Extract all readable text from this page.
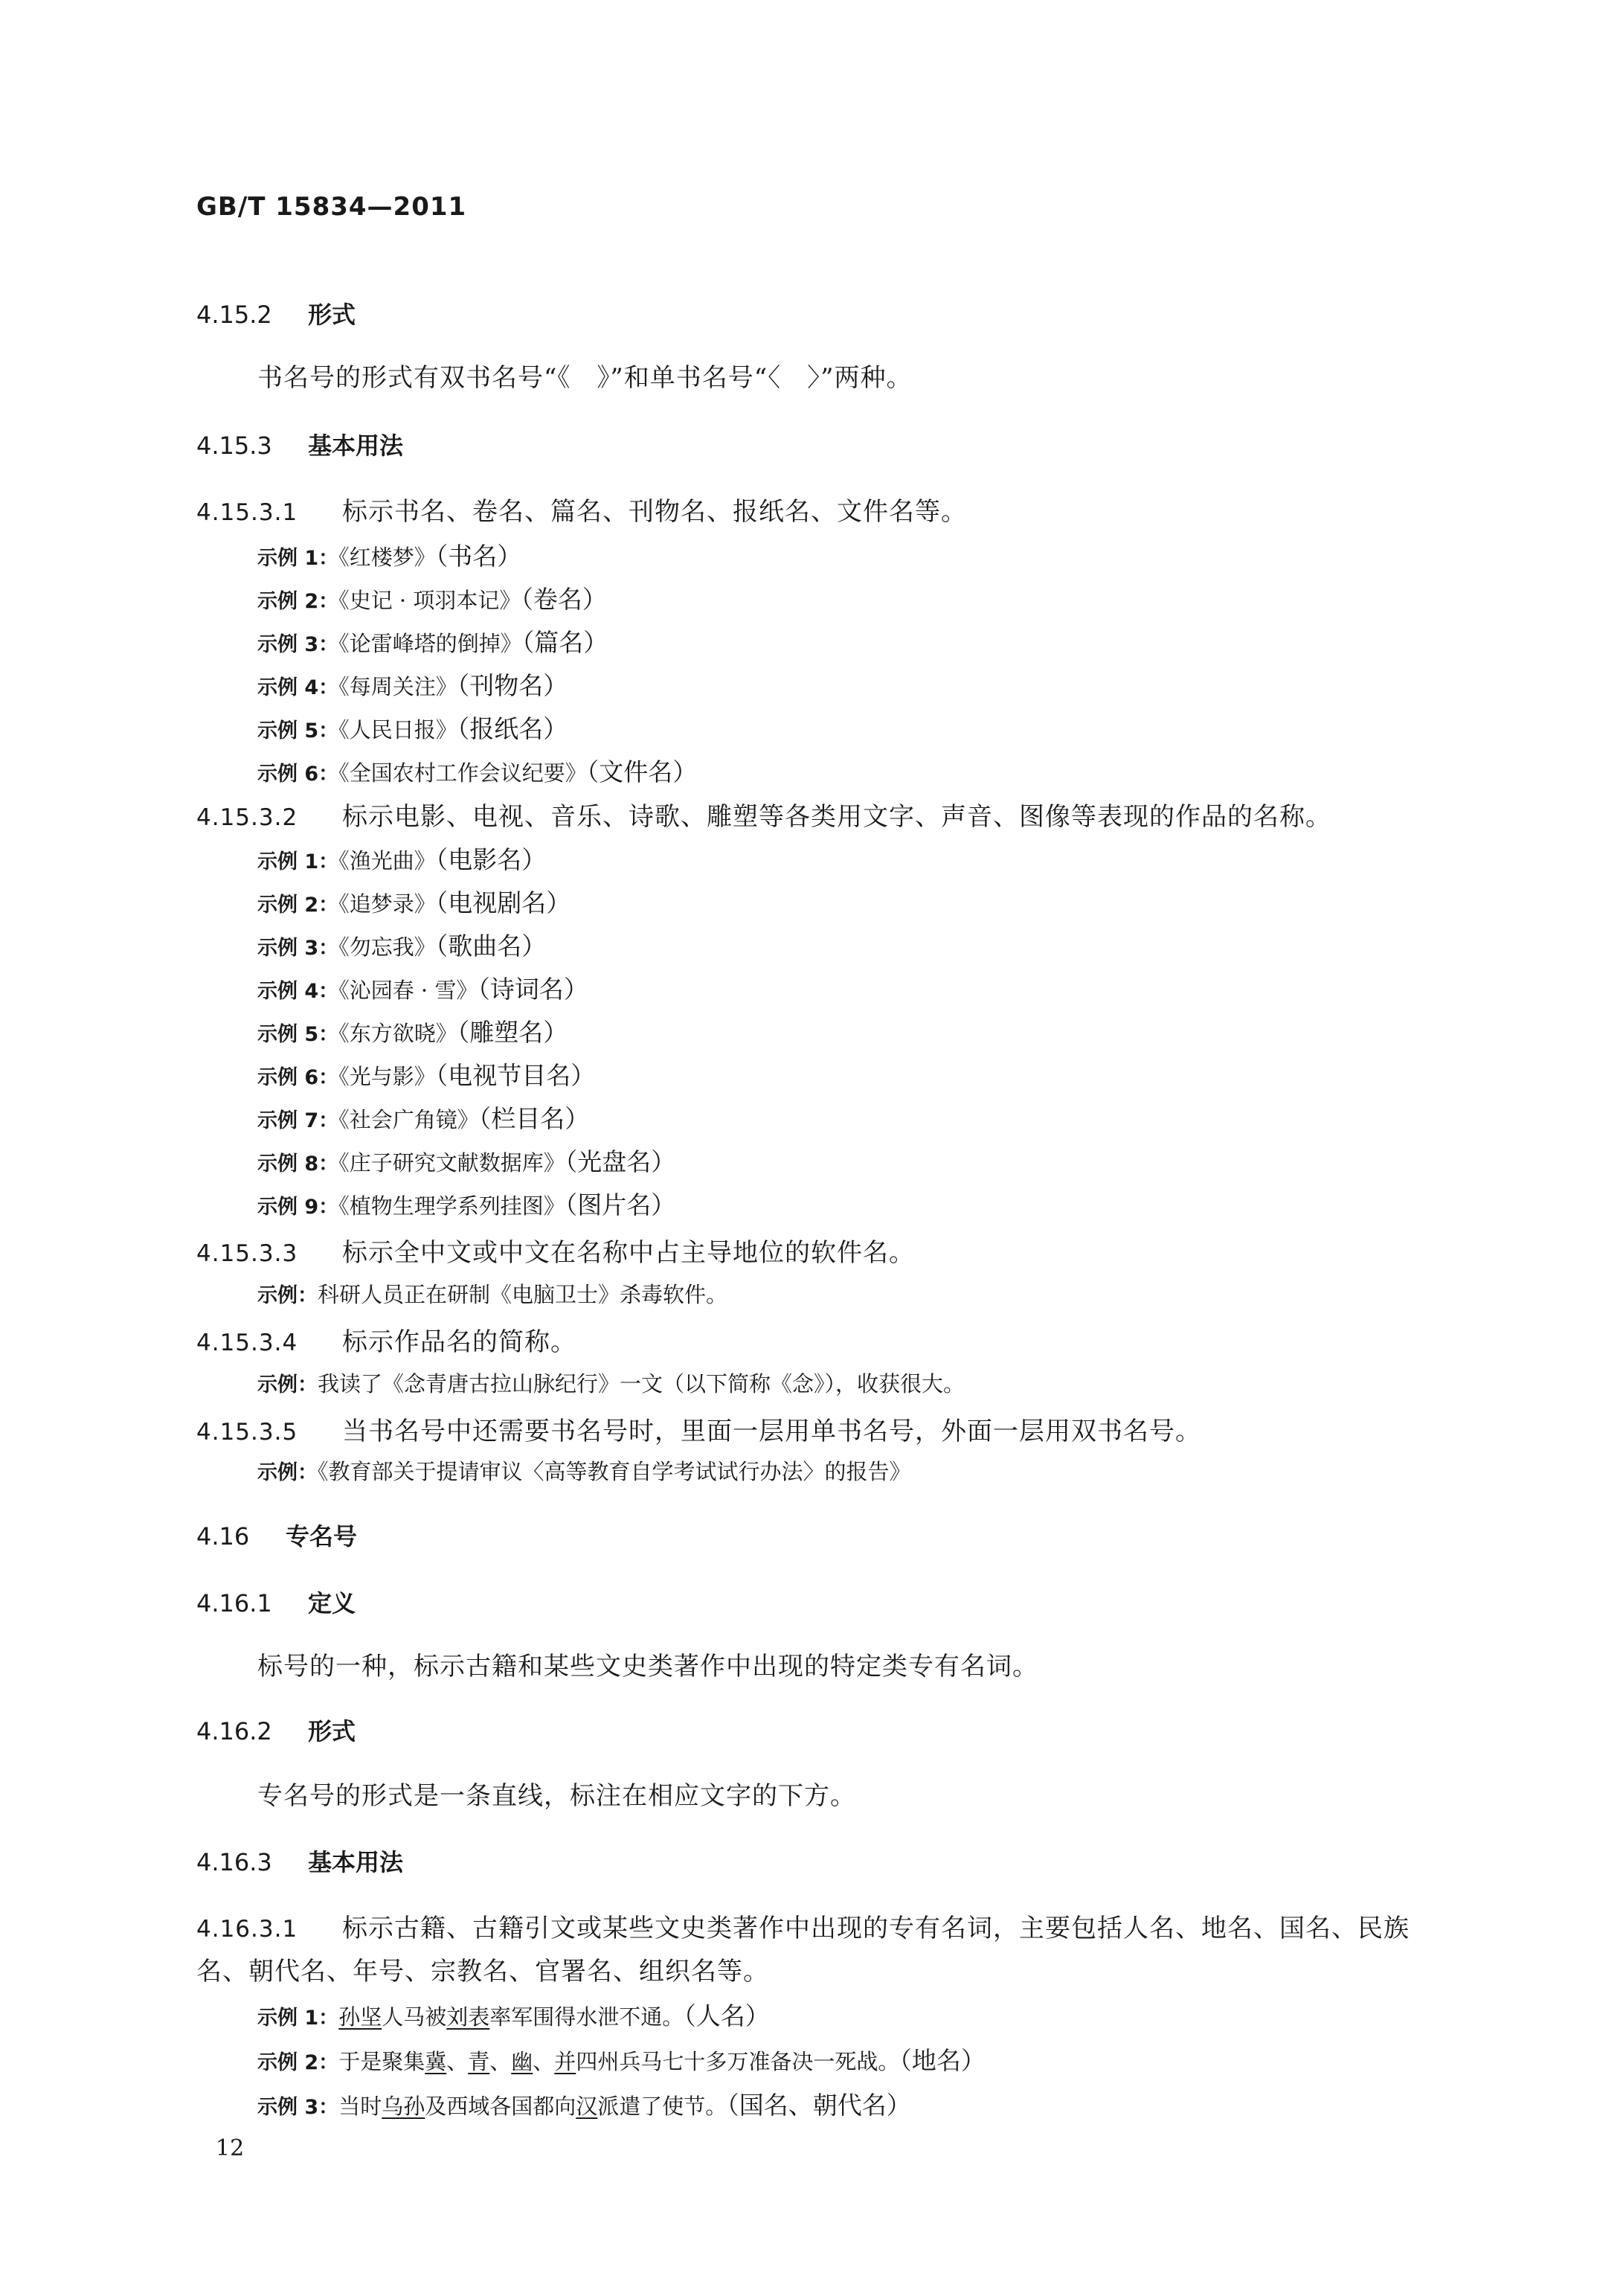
GB/T 15834—2011
4.15.2 形式
书名号的形式有双书名号“《　》”和单书名号“〈　〉”两种。
4.15.3 基本用法
4.15.3.1 标示书名、卷名、篇名、刊物名、报纸名、文件名等。
示例 1：《红楼梦》（书名）
示例 2：《史记 · 项羽本记》（卷名）
示例 3：《论雷峰塔的倒掉》（篇名）
示例 4：《每周关注》（刊物名）
示例 5：《人民日报》（报纸名）
示例 6：《全国农村工作会议纪要》（文件名）
4.15.3.2 标示电影、电视、音乐、诗歌、雕塑等各类用文字、声音、图像等表现的作品的名称。
示例 1：《渔光曲》（电影名）
示例 2：《追梦录》（电视剧名）
示例 3：《勿忘我》（歌曲名）
示例 4：《沁园春 · 雪》（诗词名）
示例 5：《东方欲晓》（雕塑名）
示例 6：《光与影》（电视节目名）
示例 7：《社会广角镜》（栏目名）
示例 8：《庄子研究文献数据库》（光盘名）
示例 9：《植物生理学系列挂图》（图片名）
4.15.3.3 标示全中文或中文在名称中占主导地位的软件名。
示例：科研人员正在研制《电脑卫士》杀毒软件。
4.15.3.4 标示作品名的简称。
示例：我读了《念青唐古拉山脉纪行》一文（以下简称《念》），收获很大。
4.15.3.5 当书名号中还需要书名号时，里面一层用单书名号，外面一层用双书名号。
示例：《教育部关于提请审议〈高等教育自学考试试行办法〉的报告》
4.16 专名号
4.16.1 定义
标号的一种，标示古籍和某些文史类著作中出现的特定类专有名词。
4.16.2 形式
专名号的形式是一条直线，标注在相应文字的下方。
4.16.3 基本用法
4.16.3.1 标示古籍、古籍引文或某些文史类著作中出现的专有名词，主要包括人名、地名、国名、民族
名、朝代名、年号、宗教名、官署名、组织名等。
示例 1：孙坚人马被刘表率军围得水泄不通。（人名）
示例 2：于是聚集冀、青、幽、并四州兵马七十多万准备决一死战。（地名）
示例 3：当时乌孙及西域各国都向汉派遣了使节。（国名、朝代名）
12
